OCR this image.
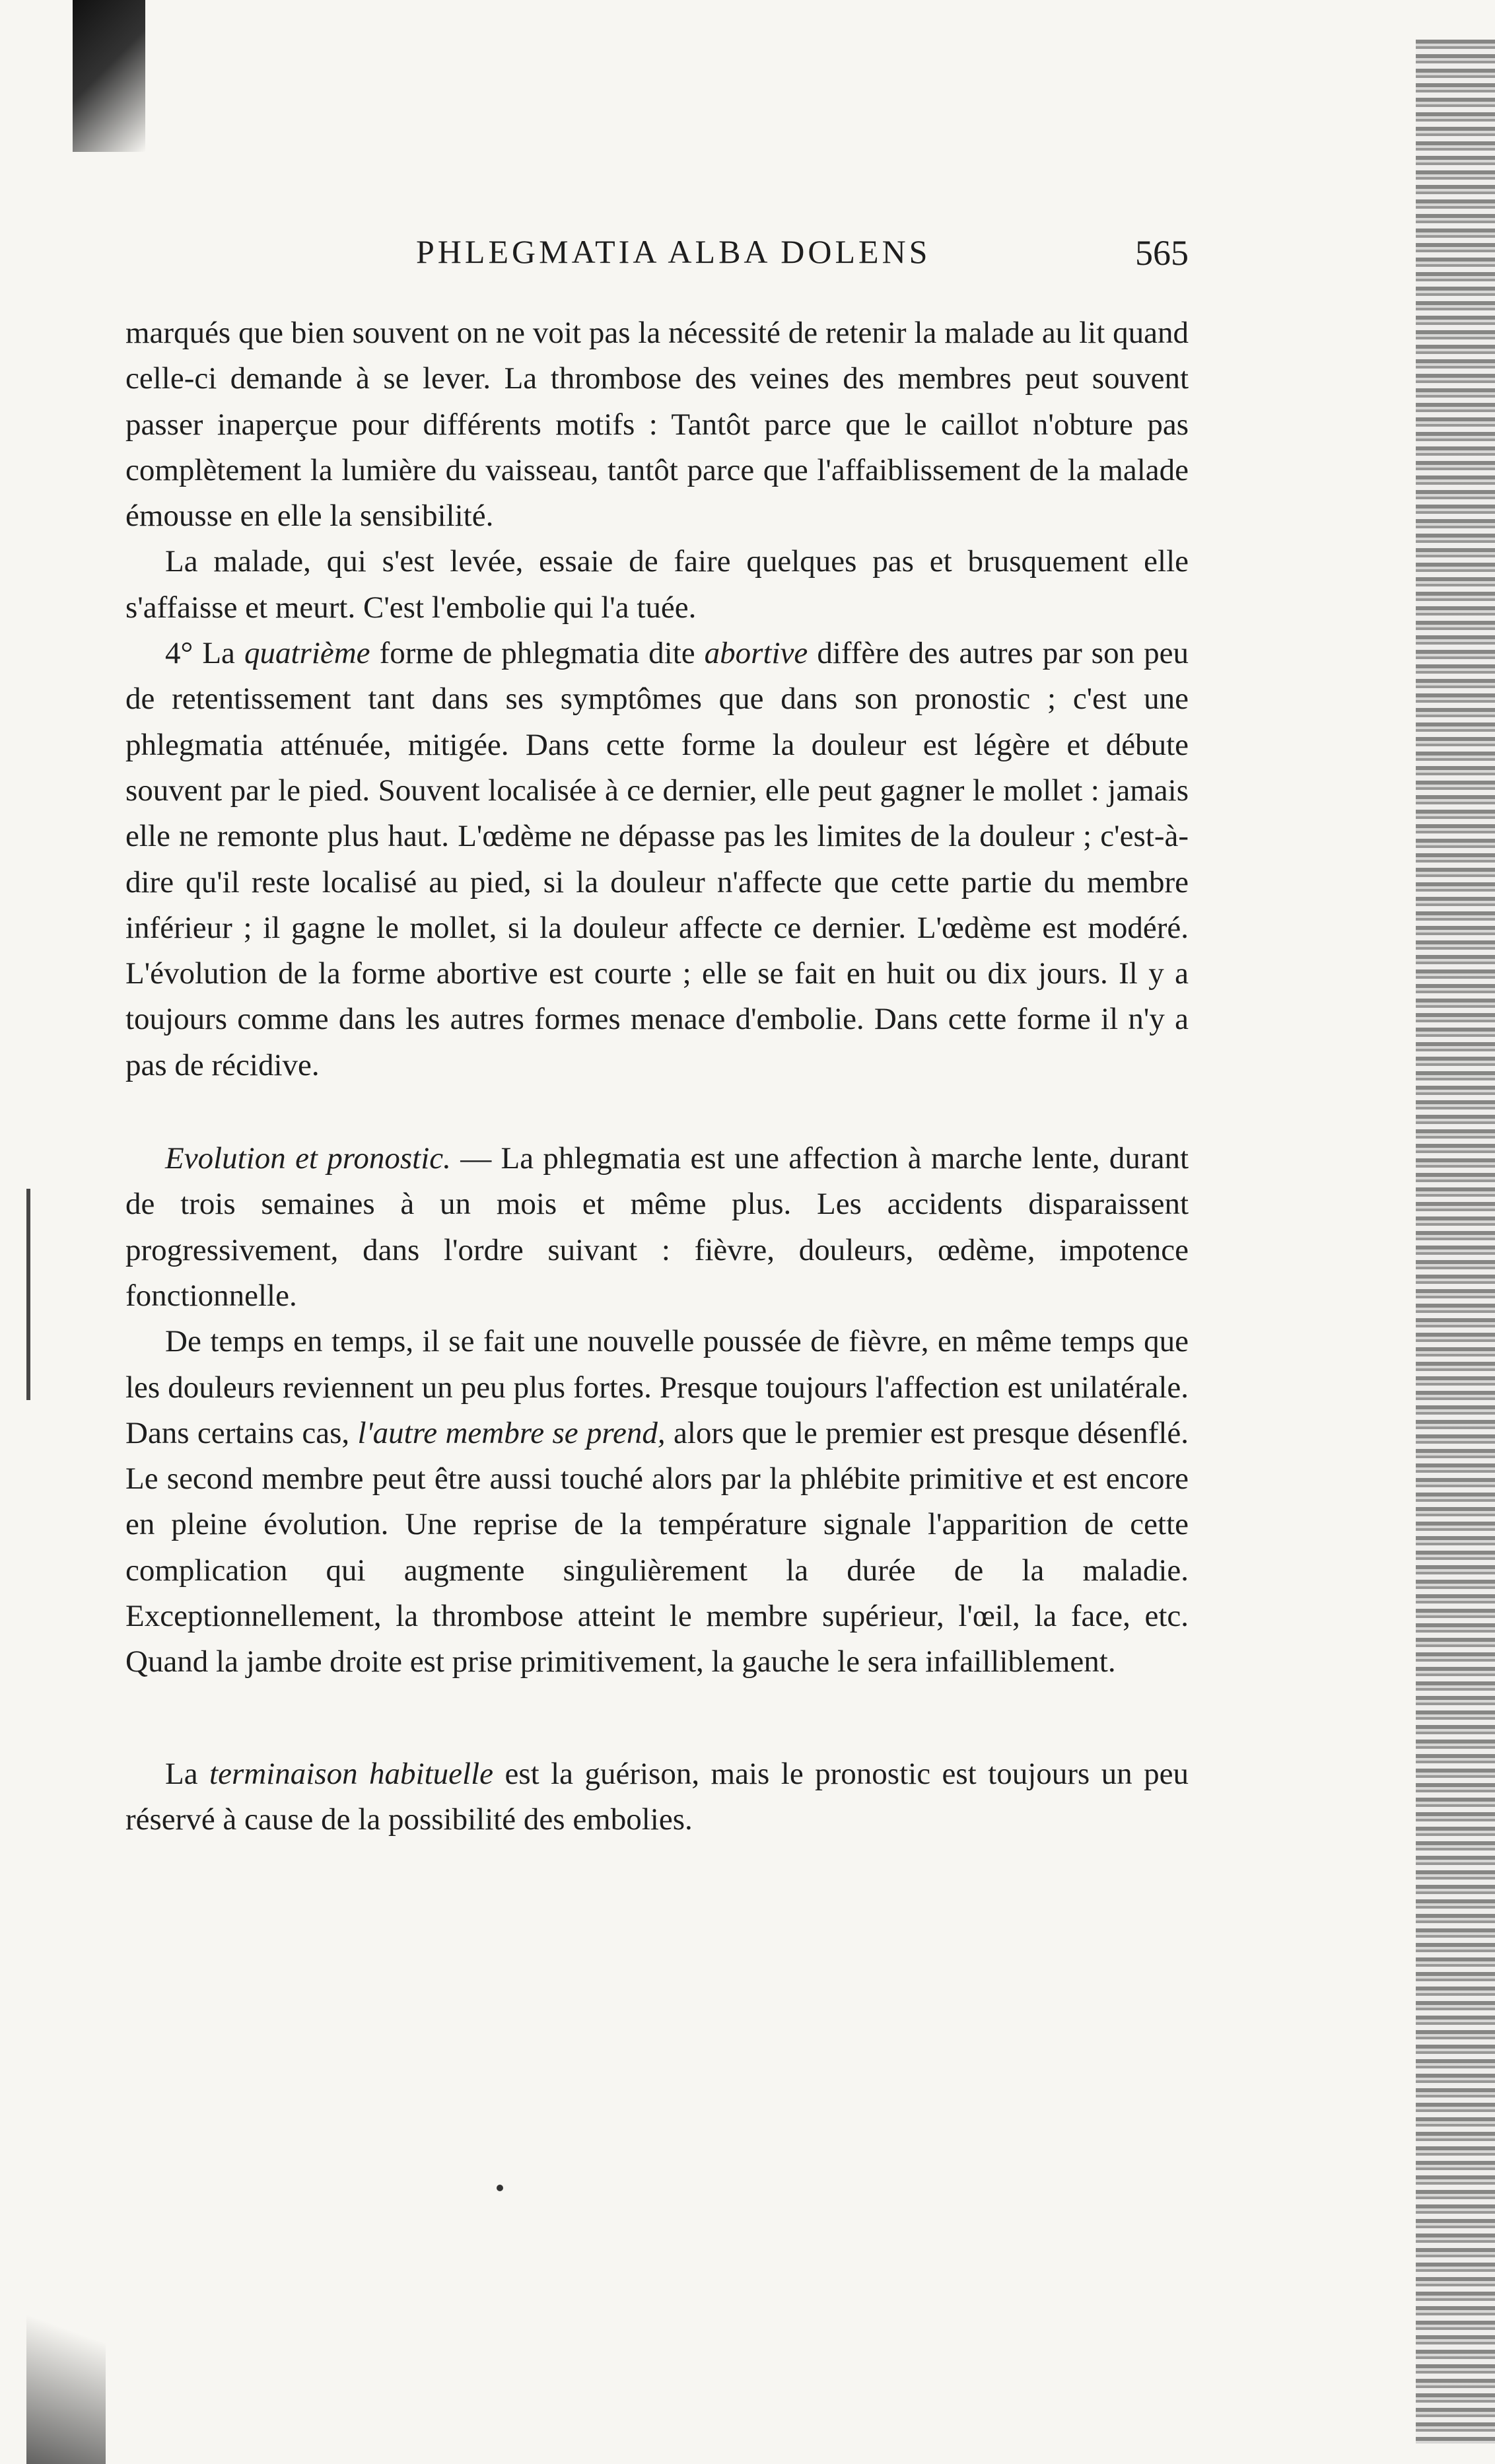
PHLEGMATIA ALBA DOLENS	565

marqués que bien souvent on ne voit pas la nécessité de retenir la malade au lit quand celle-ci demande à se lever. La thrombose des veines des membres peut souvent passer inaperçue pour différents motifs : Tantôt parce que le caillot n'obture pas complètement la lumière du vaisseau, tantôt parce que l'affaiblissement de la malade émousse en elle la sensibilité.

La malade, qui s'est levée, essaie de faire quelques pas et brusquement elle s'affaisse et meurt. C'est l'embolie qui l'a tuée.

4° La quatrième forme de phlegmatia dite abortive diffère des autres par son peu de retentissement tant dans ses symptômes que dans son pronostic ; c'est une phlegmatia atténuée, mitigée. Dans cette forme la douleur est légère et débute souvent par le pied. Souvent localisée à ce dernier, elle peut gagner le mollet : jamais elle ne remonte plus haut. L'œdème ne dépasse pas les limites de la douleur ; c'est-à-dire qu'il reste localisé au pied, si la douleur n'affecte que cette partie du membre inférieur ; il gagne le mollet, si la douleur affecte ce dernier. L'œdème est modéré. L'évolution de la forme abortive est courte ; elle se fait en huit ou dix jours. Il y a toujours comme dans les autres formes menace d'embolie. Dans cette forme il n'y a pas de récidive.

Evolution et pronostic. — La phlegmatia est une affection à marche lente, durant de trois semaines à un mois et même plus. Les accidents disparaissent progressivement, dans l'ordre suivant : fièvre, douleurs, œdème, impotence fonctionnelle.

De temps en temps, il se fait une nouvelle poussée de fièvre, en même temps que les douleurs reviennent un peu plus fortes. Presque toujours l'affection est unilatérale. Dans certains cas, l'autre membre se prend, alors que le premier est presque désenflé. Le second membre peut être aussi touché alors par la phlébite primitive et est encore en pleine évolution. Une reprise de la température signale l'apparition de cette complication qui augmente singulièrement la durée de la maladie. Exceptionnellement, la thrombose atteint le membre supérieur, l'œil, la face, etc. Quand la jambe droite est prise primitivement, la gauche le sera infailliblement.

La terminaison habituelle est la guérison, mais le pronostic est toujours un peu réservé à cause de la possibilité des embolies.
